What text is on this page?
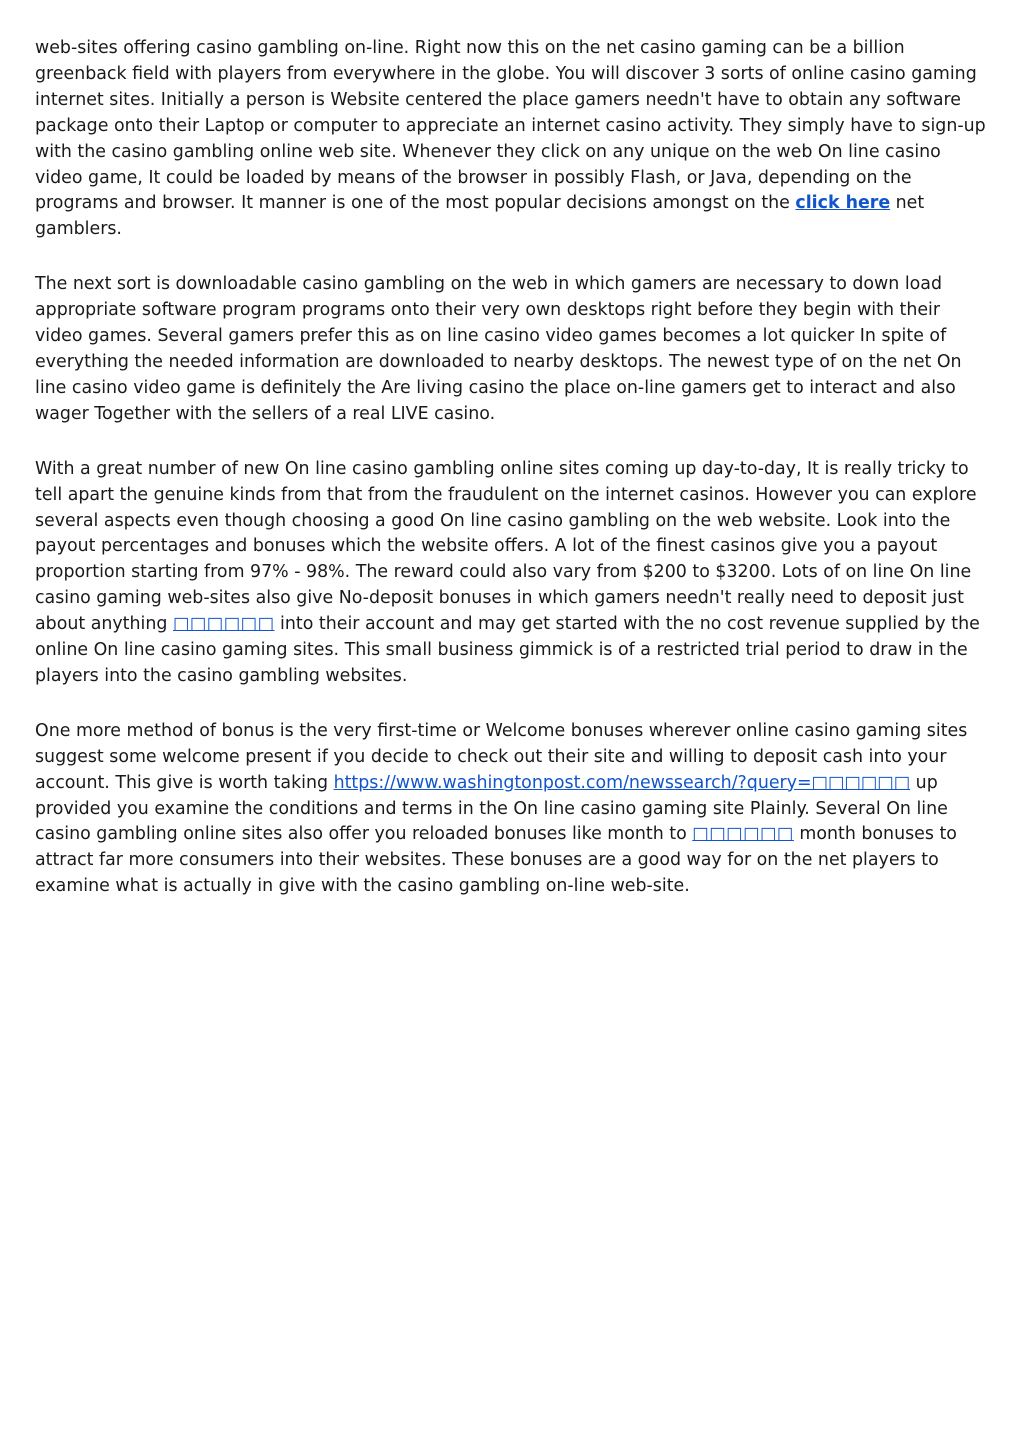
web-sites offering casino gambling on-line. Right now this on the net casino gaming can be a billion greenback field with players from everywhere in the globe. You will discover 3 sorts of online casino gaming internet sites. Initially a person is Website centered the place gamers needn't have to obtain any software package onto their Laptop or computer to appreciate an internet casino activity. They simply have to sign-up with the casino gambling online web site. Whenever they click on any unique on the web On line casino video game, It could be loaded by means of the browser in possibly Flash, or Java, depending on the programs and browser. It manner is one of the most popular decisions amongst on the click here net gamblers.

The next sort is downloadable casino gambling on the web in which gamers are necessary to down load appropriate software program programs onto their very own desktops right before they begin with their video games. Several gamers prefer this as on line casino video games becomes a lot quicker In spite of everything the needed information are downloaded to nearby desktops. The newest type of on the net On line casino video game is definitely the Are living casino the place on-line gamers get to interact and also wager Together with the sellers of a real LIVE casino.

With a great number of new On line casino gambling online sites coming up day-to-day, It is really tricky to tell apart the genuine kinds from that from the fraudulent on the internet casinos. However you can explore several aspects even though choosing a good On line casino gambling on the web website. Look into the payout percentages and bonuses which the website offers. A lot of the finest casinos give you a payout proportion starting from 97% - 98%. The reward could also vary from $200 to $3200. Lots of on line On line casino gaming web-sites also give No-deposit bonuses in which gamers needn't really need to deposit just about anything □□□□□□ into their account and may get started with the no cost revenue supplied by the online On line casino gaming sites. This small business gimmick is of a restricted trial period to draw in the players into the casino gambling websites.

One more method of bonus is the very first-time or Welcome bonuses wherever online casino gaming sites suggest some welcome present if you decide to check out their site and willing to deposit cash into your account. This give is worth taking https://www.washingtonpost.com/newssearch/?query=□□□□□□ up provided you examine the conditions and terms in the On line casino gaming site Plainly. Several On line casino gambling online sites also offer you reloaded bonuses like month to □□□□□□ month bonuses to attract far more consumers into their websites. These bonuses are a good way for on the net players to examine what is actually in give with the casino gambling on-line web-site.
